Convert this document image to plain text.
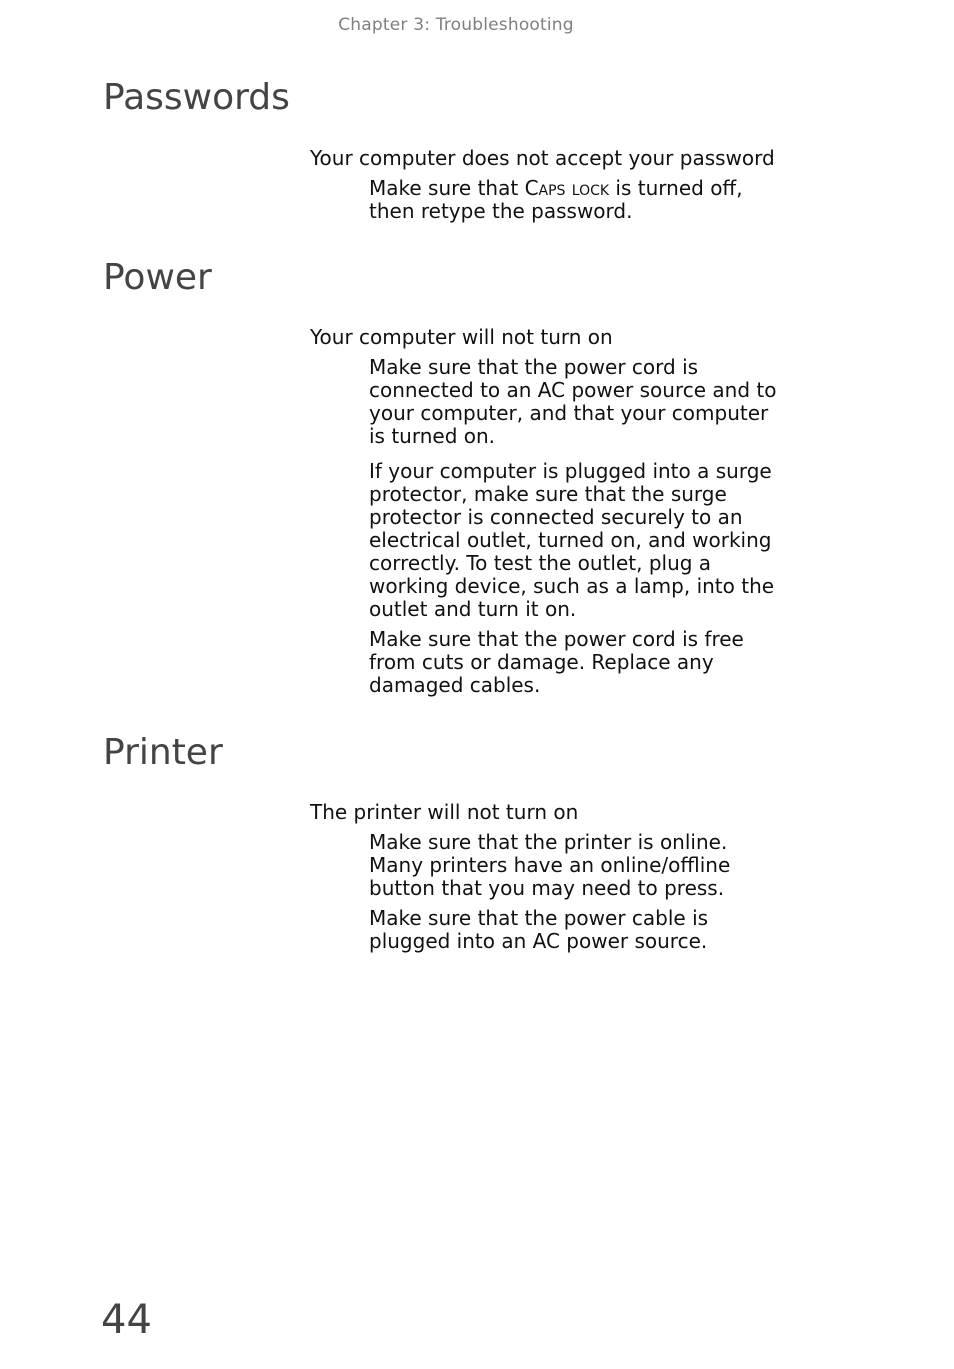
Chapter 3: Troubleshooting
Passwords
Your computer does not accept your password
Make sure that Caps lock is turned off,
then retype the password.
Power
Your computer will not turn on
Make sure that the power cord is
connected to an AC power source and to
your computer, and that your computer
is turned on.
If your computer is plugged into a surge
protector, make sure that the surge
protector is connected securely to an
electrical outlet, turned on, and working
correctly. To test the outlet, plug a
working device, such as a lamp, into the
outlet and turn it on.
Make sure that the power cord is free
from cuts or damage. Replace any
damaged cables.
Printer
The printer will not turn on
Make sure that the printer is online.
Many printers have an online/offline
button that you may need to press.
Make sure that the power cable is
plugged into an AC power source.
44
